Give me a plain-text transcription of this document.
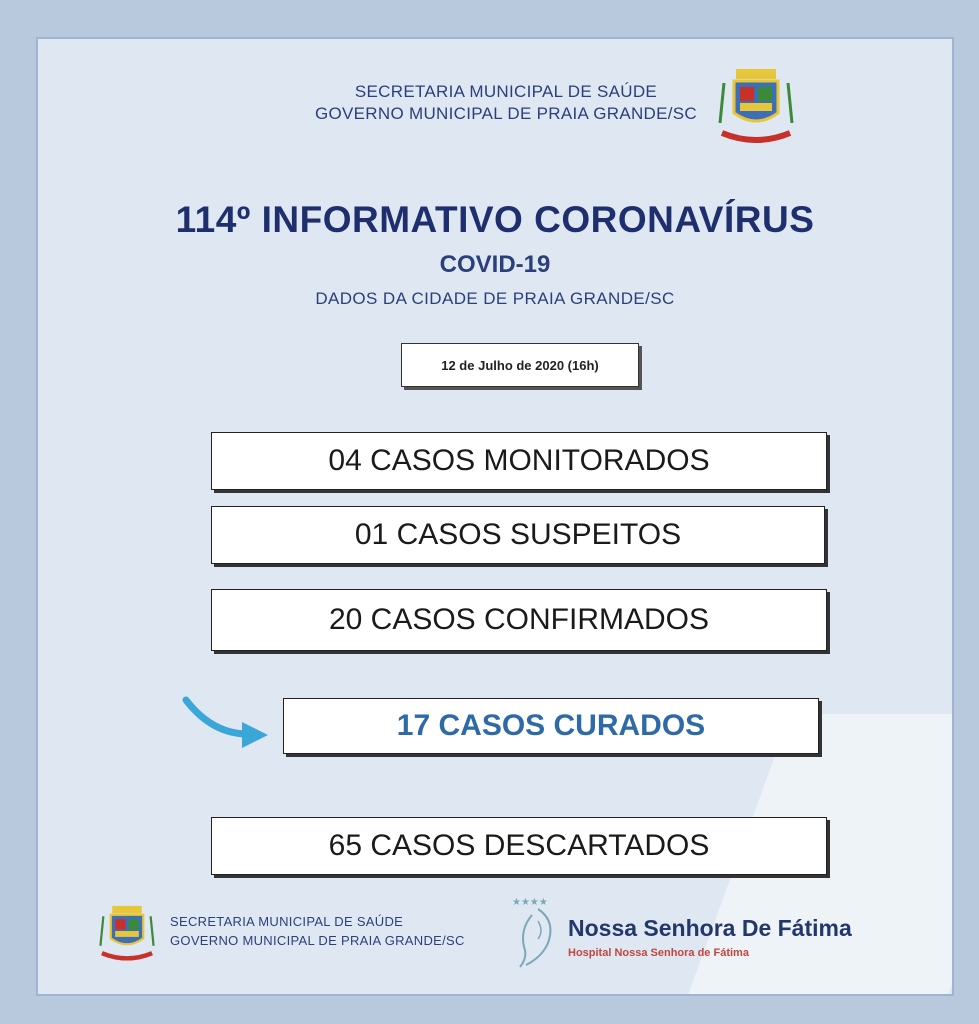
SECRETARIA MUNICIPAL DE SAÚDE
GOVERNO MUNICIPAL DE PRAIA GRANDE/SC
114º INFORMATIVO CORONAVÍRUS
COVID-19
DADOS DA CIDADE DE PRAIA GRANDE/SC
12 de Julho de 2020 (16h)
04 CASOS MONITORADOS
01 CASOS SUSPEITOS
20 CASOS CONFIRMADOS
17 CASOS CURADOS
65 CASOS DESCARTADOS
SECRETARIA MUNICIPAL DE SAÚDE
GOVERNO MUNICIPAL DE PRAIA GRANDE/SC
★★★★
Nossa Senhora De Fátima
Hospital Nossa Senhora de Fátima
